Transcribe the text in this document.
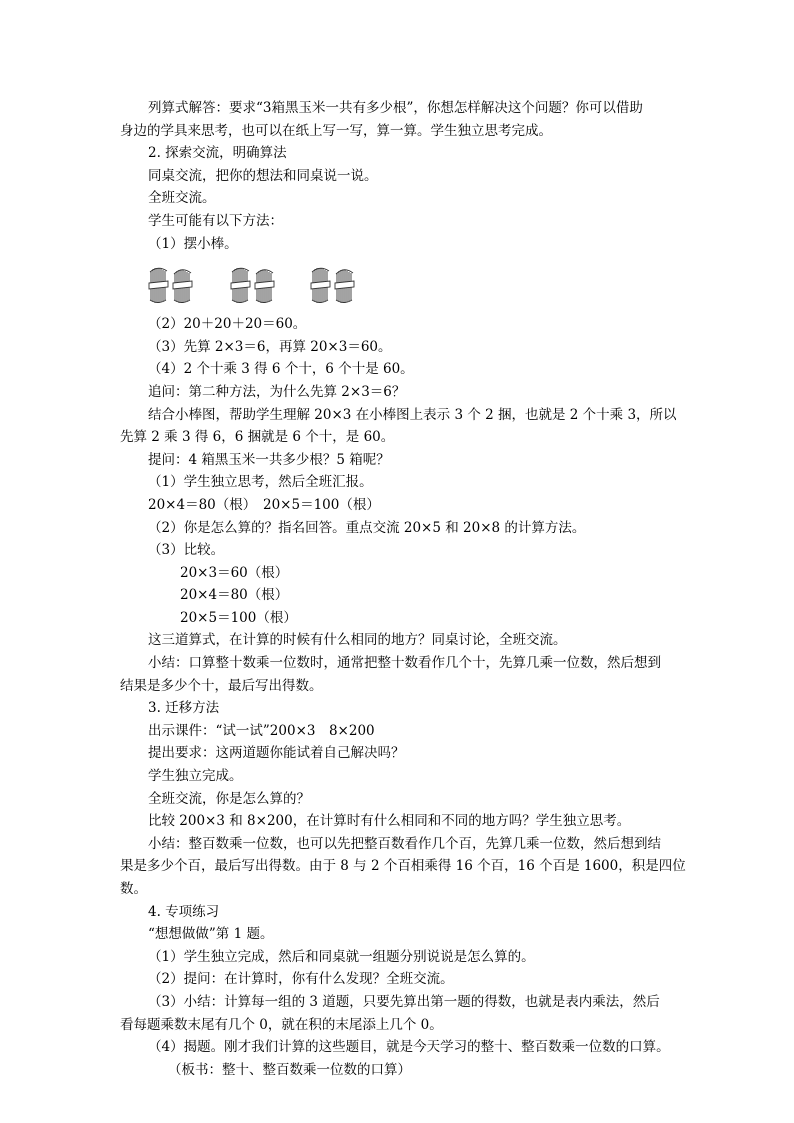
列算式解答：要求“3箱黑玉米一共有多少根”，你想怎样解决这个问题？你可以借助
身边的学具来思考，也可以在纸上写一写，算一算。学生独立思考完成。
2. 探索交流，明确算法
同桌交流，把你的想法和同桌说一说。
全班交流。
学生可能有以下方法：
（1）摆小棒。
（2）20＋20＋20＝60。
（3）先算 2×3＝6，再算 20×3＝60。
（4）2 个十乘 3 得 6 个十，6 个十是 60。
追问：第二种方法，为什么先算 2×3＝6？
结合小棒图，帮助学生理解 20×3 在小棒图上表示 3 个 2 捆，也就是 2 个十乘 3，所以
先算 2 乘 3 得 6，6 捆就是 6 个十，是 60。
提问：4 箱黑玉米一共多少根？5 箱呢？
（1）学生独立思考，然后全班汇报。
20×4＝80（根）　20×5＝100（根）
（2）你是怎么算的？指名回答。重点交流 20×5 和 20×8 的计算方法。
（3）比较。
20×3＝60（根）
20×4＝80（根）
20×5＝100（根）
这三道算式，在计算的时候有什么相同的地方？同桌讨论，全班交流。
小结：口算整十数乘一位数时，通常把整十数看作几个十，先算几乘一位数，然后想到
结果是多少个十，最后写出得数。
3. 迁移方法
出示课件：“试一试”200×3　8×200
提出要求：这两道题你能试着自己解决吗？
学生独立完成。
全班交流，你是怎么算的？
比较 200×3 和 8×200，在计算时有什么相同和不同的地方吗？学生独立思考。
小结：整百数乘一位数，也可以先把整百数看作几个百，先算几乘一位数，然后想到结
果是多少个百，最后写出得数。由于 8 与 2 个百相乘得 16 个百，16 个百是 1600，积是四位
数。
4. 专项练习
“想想做做”第 1 题。
（1）学生独立完成，然后和同桌就一组题分别说说是怎么算的。
（2）提问：在计算时，你有什么发现？全班交流。
（3）小结：计算每一组的 3 道题，只要先算出第一题的得数，也就是表内乘法，然后
看每题乘数末尾有几个 0，就在积的末尾添上几个 0。
（4）揭题。刚才我们计算的这些题目，就是今天学习的整十、整百数乘一位数的口算。
（板书：整十、整百数乘一位数的口算）
